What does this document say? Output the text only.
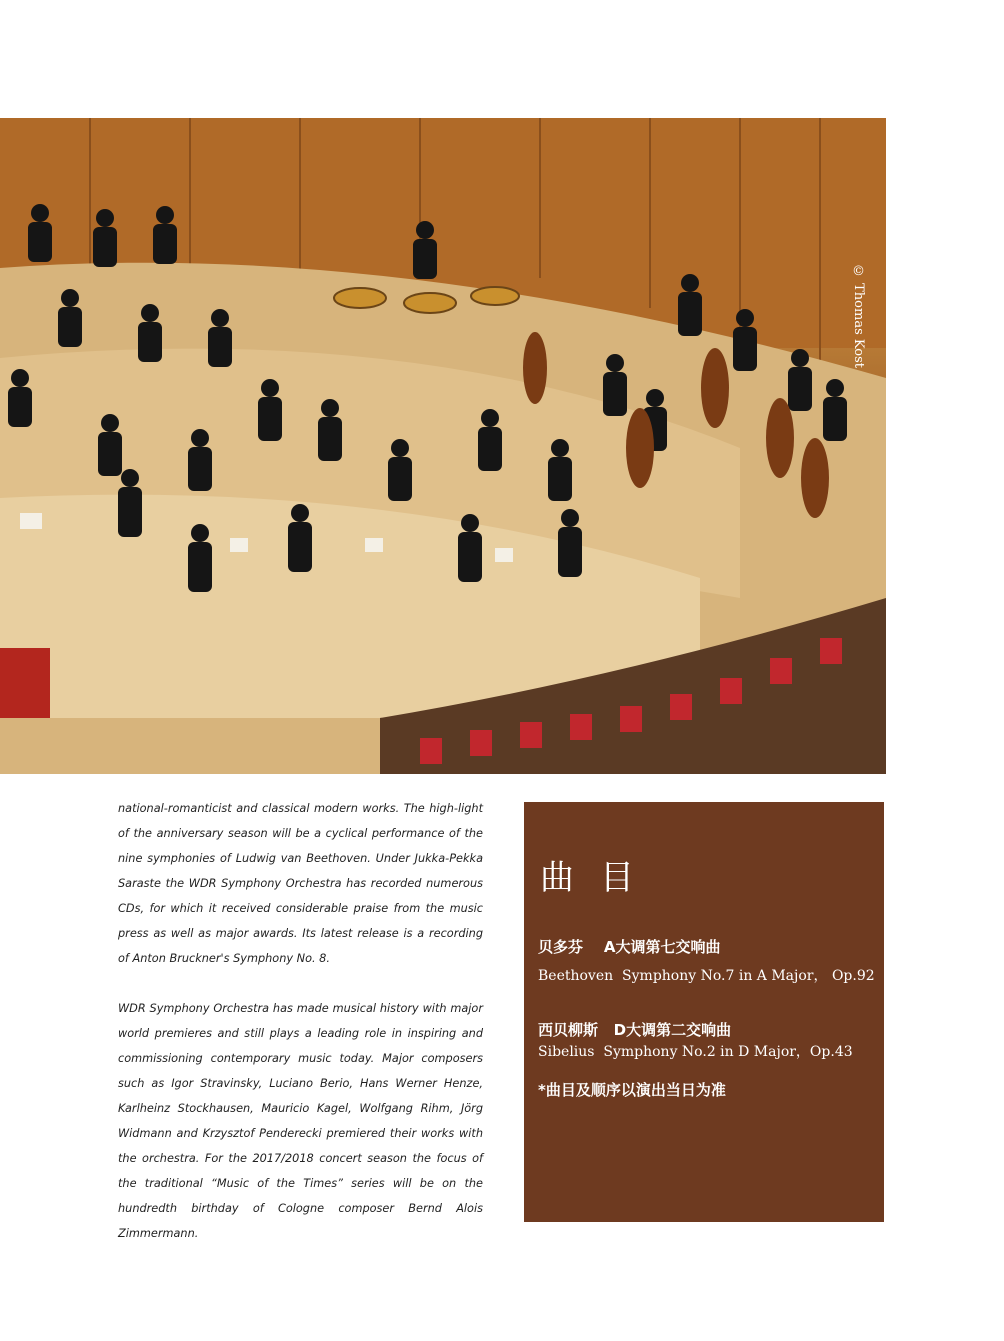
© Thomas Kost

national-romanticist and classical modern works. The high-light of the anniversary season will be a cyclical performance of the nine symphonies of Ludwig van Beethoven. Under Jukka-Pekka Saraste the WDR Symphony Orchestra has recorded numerous CDs, for which it received considerable praise from the music press as well as major awards. Its latest release is a recording of Anton Bruckner's Symphony No. 8.

WDR Symphony Orchestra has made musical history with major world premieres and still plays a leading role in inspiring and commissioning contemporary music today. Major composers such as Igor Stravinsky, Luciano Berio, Hans Werner Henze, Karlheinz Stockhausen, Mauricio Kagel, Wolfgang Rihm, Jörg Widmann and Krzysztof Penderecki premiered their works with the orchestra. For the 2017/2018 concert season the focus of the traditional “Music of the Times” series will be on the hundredth birthday of Cologne composer Bernd Alois Zimmermann.

曲目
贝多芬    A大调第七交响曲
Beethoven  Symphony No.7 in A Major， Op.92
西贝柳斯   D大调第二交响曲
Sibelius  Symphony No.2 in D Major，Op.43
*曲目及顺序以演出当日为准
